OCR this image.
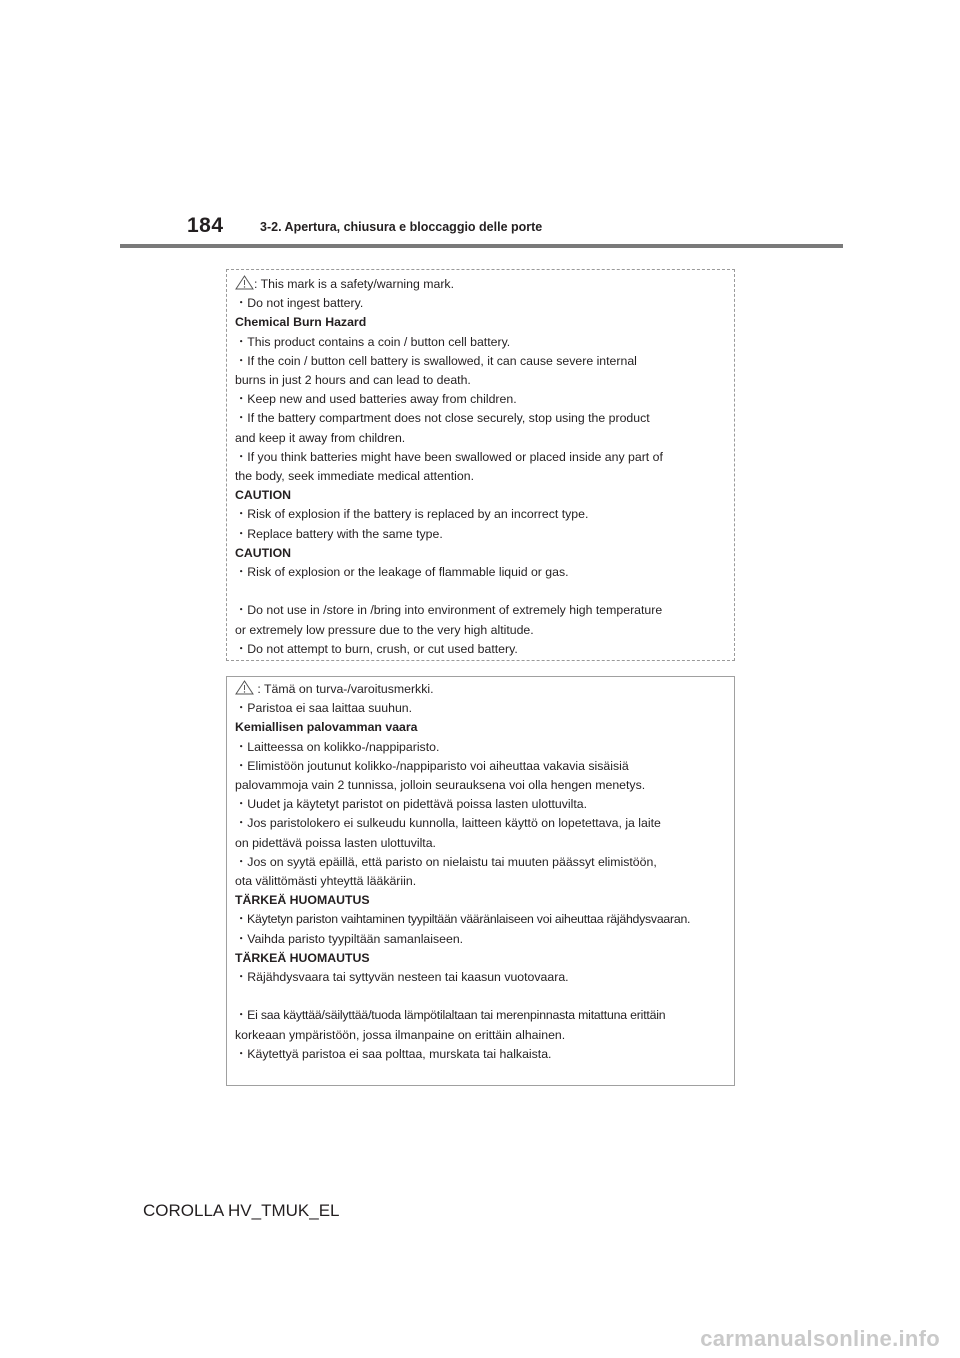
184	3-2. Apertura, chiusura e bloccaggio delle porte
: This mark is a safety/warning mark.
・Do not ingest battery.
Chemical Burn Hazard
・This product contains a coin / button cell battery.
・If the coin / button cell battery is swallowed, it can cause severe internal
burns in just 2 hours and can lead to death.
・Keep new and used batteries away from children.
・If the battery compartment does not close securely, stop using the product
and keep it away from children.
・If you think batteries might have been swallowed or placed inside any part of
the body, seek immediate medical attention.
CAUTION
・Risk of explosion if the battery is replaced by an incorrect type.
・Replace battery with the same type.
CAUTION
・Risk of explosion or the leakage of flammable liquid or gas.
・Do not use in /store in /bring into environment of extremely high temperature
or extremely low pressure due to the very high altitude.
・Do not attempt to burn, crush, or cut used battery.
: Tämä on turva-/varoitusmerkki.
・Paristoa ei saa laittaa suuhun.
Kemiallisen palovamman vaara
・Laitteessa on kolikko-/nappiparisto.
・Elimistöön joutunut kolikko-/nappiparisto voi aiheuttaa vakavia sisäisiä
palovammoja vain 2 tunnissa, jolloin seurauksena voi olla hengen menetys.
・Uudet ja käytetyt paristot on pidettävä poissa lasten ulottuvilta.
・Jos paristolokero ei sulkeudu kunnolla, laitteen käyttö on lopetettava, ja laite
on pidettävä poissa lasten ulottuvilta.
・Jos on syytä epäillä, että paristo on nielaistu tai muuten päässyt elimistöön,
ota välittömästi yhteyttä lääkäriin.
TÄRKEÄ HUOMAUTUS
・Käytetyn pariston vaihtaminen tyypiltään vääränlaiseen voi aiheuttaa räjähdysvaaran.
・Vaihda paristo tyypiltään samanlaiseen.
TÄRKEÄ HUOMAUTUS
・Räjähdysvaara tai syttyvän nesteen tai kaasun vuotovaara.
・Ei saa käyttää/säilyttää/tuoda lämpötilaltaan tai merenpinnasta mitattuna erittäin
korkeaan ympäristöön, jossa ilmanpaine on erittäin alhainen.
・Käytettyä paristoa ei saa polttaa, murskata tai halkaista.
COROLLA HV_TMUK_EL
carmanualsonline.info
